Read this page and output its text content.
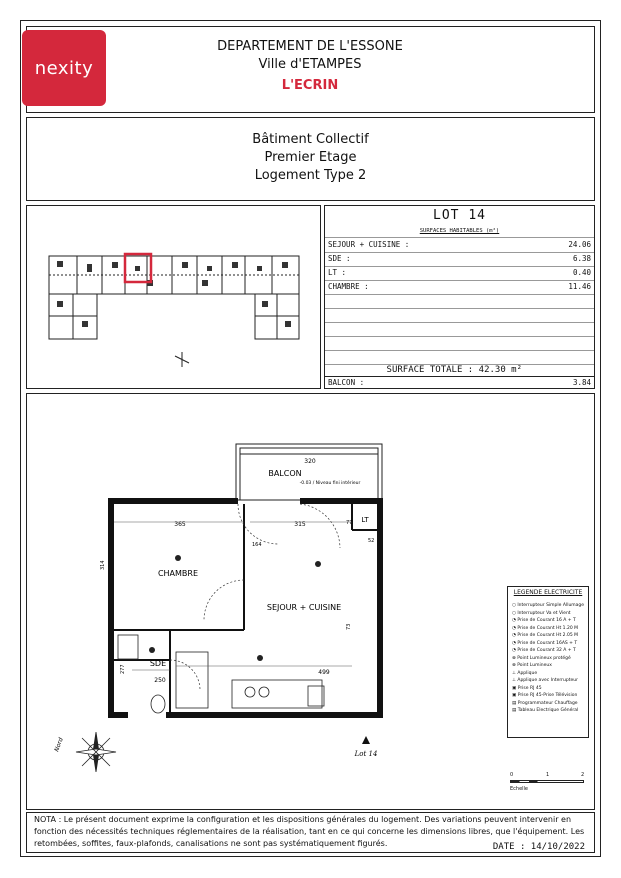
nexity
DEPARTEMENT DE L'ESSONE
Ville d'ETAMPES
L'ECRIN
Bâtiment Collectif
Premier Etage
Logement Type 2
LOT 14
SURFACES HABITABLES (m²)
SEJOUR + CUISINE :	24.06
SDE :	6.38
LT :	0.40
CHAMBRE :	11.46
SURFACE TOTALE : 42.30 m²
BALCON :	3.84
320
BALCON
-0.03 / Niveau fini intérieur
365	315	77 LT
52
164
314
CHAMBRE
SEJOUR + CUISINE
73
SDE
277
250
499
Lot 14
Nord
LEGENDE ELECTRICITE
○ Interrupteur Simple Allumage
○ Interrupteur Va et Vient
◔ Prise de Courant 16 A + T
◔ Prise de Courant Ht 1.20 M
◔ Prise de Courant Ht 2.05 M
◔ Prise de Courant 16AS + T
◔ Prise de Courant 32 A + T
⊗ Point Lumineux protégé
⊗ Point Lumineux
⊥ Applique
⊥ Applique avec Interrupteur
▣ Prise RJ 45
▣ Prise RJ 45-Prise Télévision
▤ Programmateur Chauffage
▤ Tableau Electrique Général
0	1	2
Echelle
NOTA : Le présent document exprime la configuration et les dispositions générales du logement. Des variations peuvent intervenir en fonction des nécessités techniques réglementaires de la réalisation, tant en ce qui concerne les dimensions libres, que l'équipement. Les retombées, soffites, faux-plafonds, canalisations ne sont pas systématiquement figurés.	DATE : 14/10/2022
